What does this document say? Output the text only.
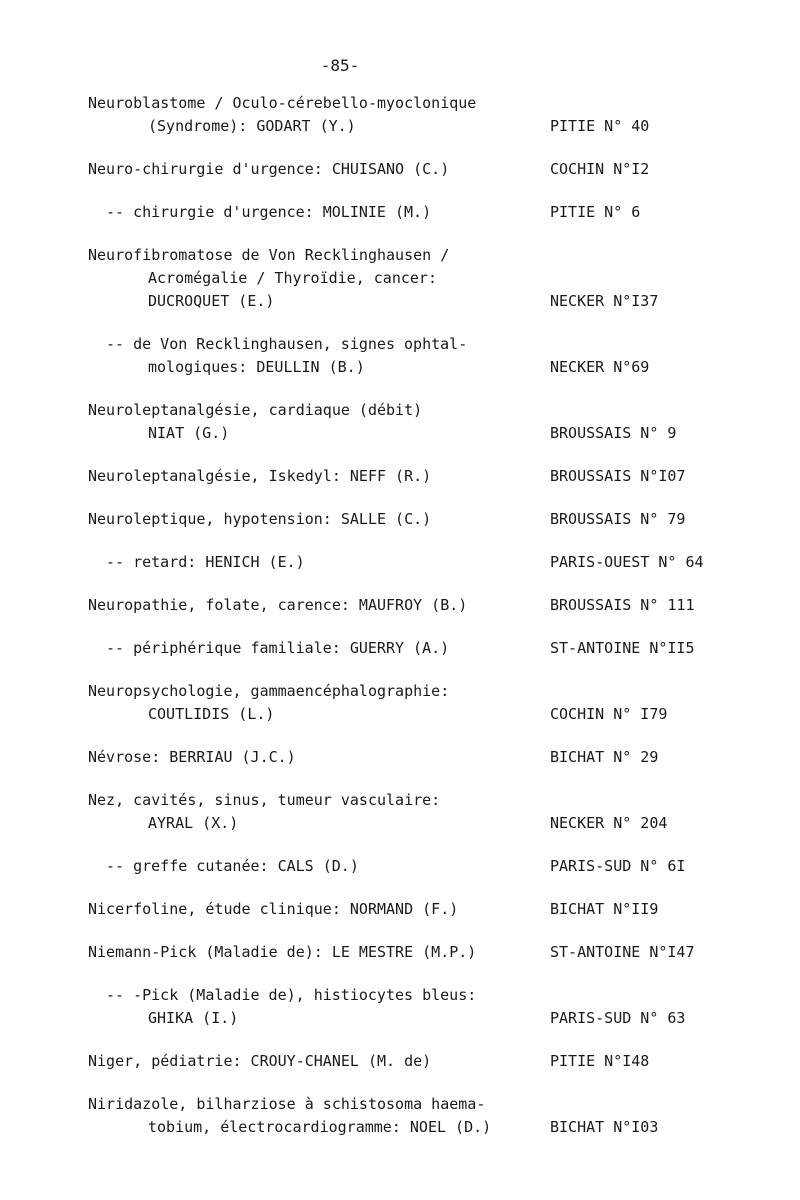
-85-
Neuroblastome / Oculo-cérebello-myoclonique
(Syndrome): GODART (Y.)	PITIE N° 40
Neuro-chirurgie d'urgence: CHUISANO (C.)	COCHIN N°I2
-- chirurgie d'urgence: MOLINIE (M.)	PITIE N° 6
Neurofibromatose de Von Recklinghausen /
Acromégalie / Thyroïdie, cancer:
DUCROQUET (E.)	NECKER N°I37
-- de Von Recklinghausen, signes ophtal-
mologiques: DEULLIN (B.)	NECKER N°69
Neuroleptanalgésie, cardiaque (débit)
NIAT (G.)	BROUSSAIS N° 9
Neuroleptanalgésie, Iskedyl: NEFF (R.)	BROUSSAIS N°I07
Neuroleptique, hypotension: SALLE (C.)	BROUSSAIS N° 79
-- retard: HENICH (E.)	PARIS-OUEST N° 64
Neuropathie, folate, carence: MAUFROY (B.)	BROUSSAIS N° 111
-- périphérique familiale: GUERRY (A.)	ST-ANTOINE N°II5
Neuropsychologie, gammaencéphalographie:
COUTLIDIS (L.)	COCHIN N° I79
Névrose: BERRIAU (J.C.)	BICHAT N° 29
Nez, cavités, sinus, tumeur vasculaire:
AYRAL (X.)	NECKER N° 204
-- greffe cutanée: CALS (D.)	PARIS-SUD N° 6I
Nicerfoline, étude clinique: NORMAND (F.)	BICHAT N°II9
Niemann-Pick (Maladie de): LE MESTRE (M.P.)	ST-ANTOINE N°I47
-- -Pick (Maladie de), histiocytes bleus:
GHIKA (I.)	PARIS-SUD N° 63
Niger, pédiatrie: CROUY-CHANEL (M. de)	PITIE N°I48
Niridazole, bilharziose à schistosoma haema-
tobium, électrocardiogramme: NOEL (D.)	BICHAT N°I03
